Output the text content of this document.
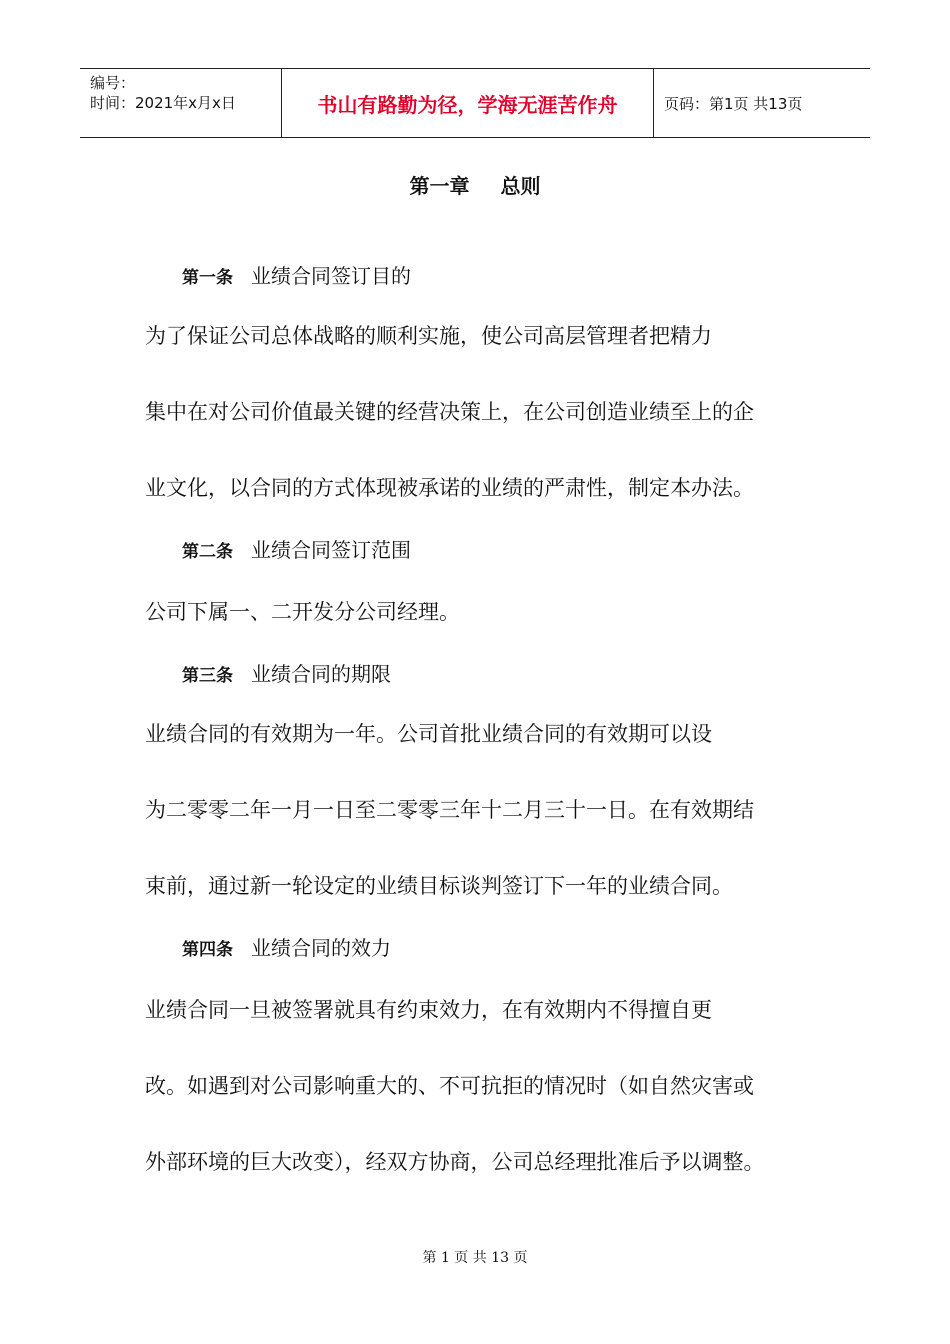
编号：
时间：2021年x月x日	书山有路勤为径，学海无涯苦作舟	页码：第1页 共13页
第一章 总则
第一条 业绩合同签订目的
为了保证公司总体战略的顺利实施，使公司高层管理者把精力
集中在对公司价值最关键的经营决策上，在公司创造业绩至上的企
业文化，以合同的方式体现被承诺的业绩的严肃性，制定本办法。
第二条 业绩合同签订范围
公司下属一、二开发分公司经理。
第三条 业绩合同的期限
业绩合同的有效期为一年。公司首批业绩合同的有效期可以设
为二零零二年一月一日至二零零三年十二月三十一日。在有效期结
束前，通过新一轮设定的业绩目标谈判签订下一年的业绩合同。
第四条 业绩合同的效力
业绩合同一旦被签署就具有约束效力，在有效期内不得擅自更
改。如遇到对公司影响重大的、不可抗拒的情况时（如自然灾害或
外部环境的巨大改变），经双方协商，公司总经理批准后予以调整。
第 1 页 共 13 页
